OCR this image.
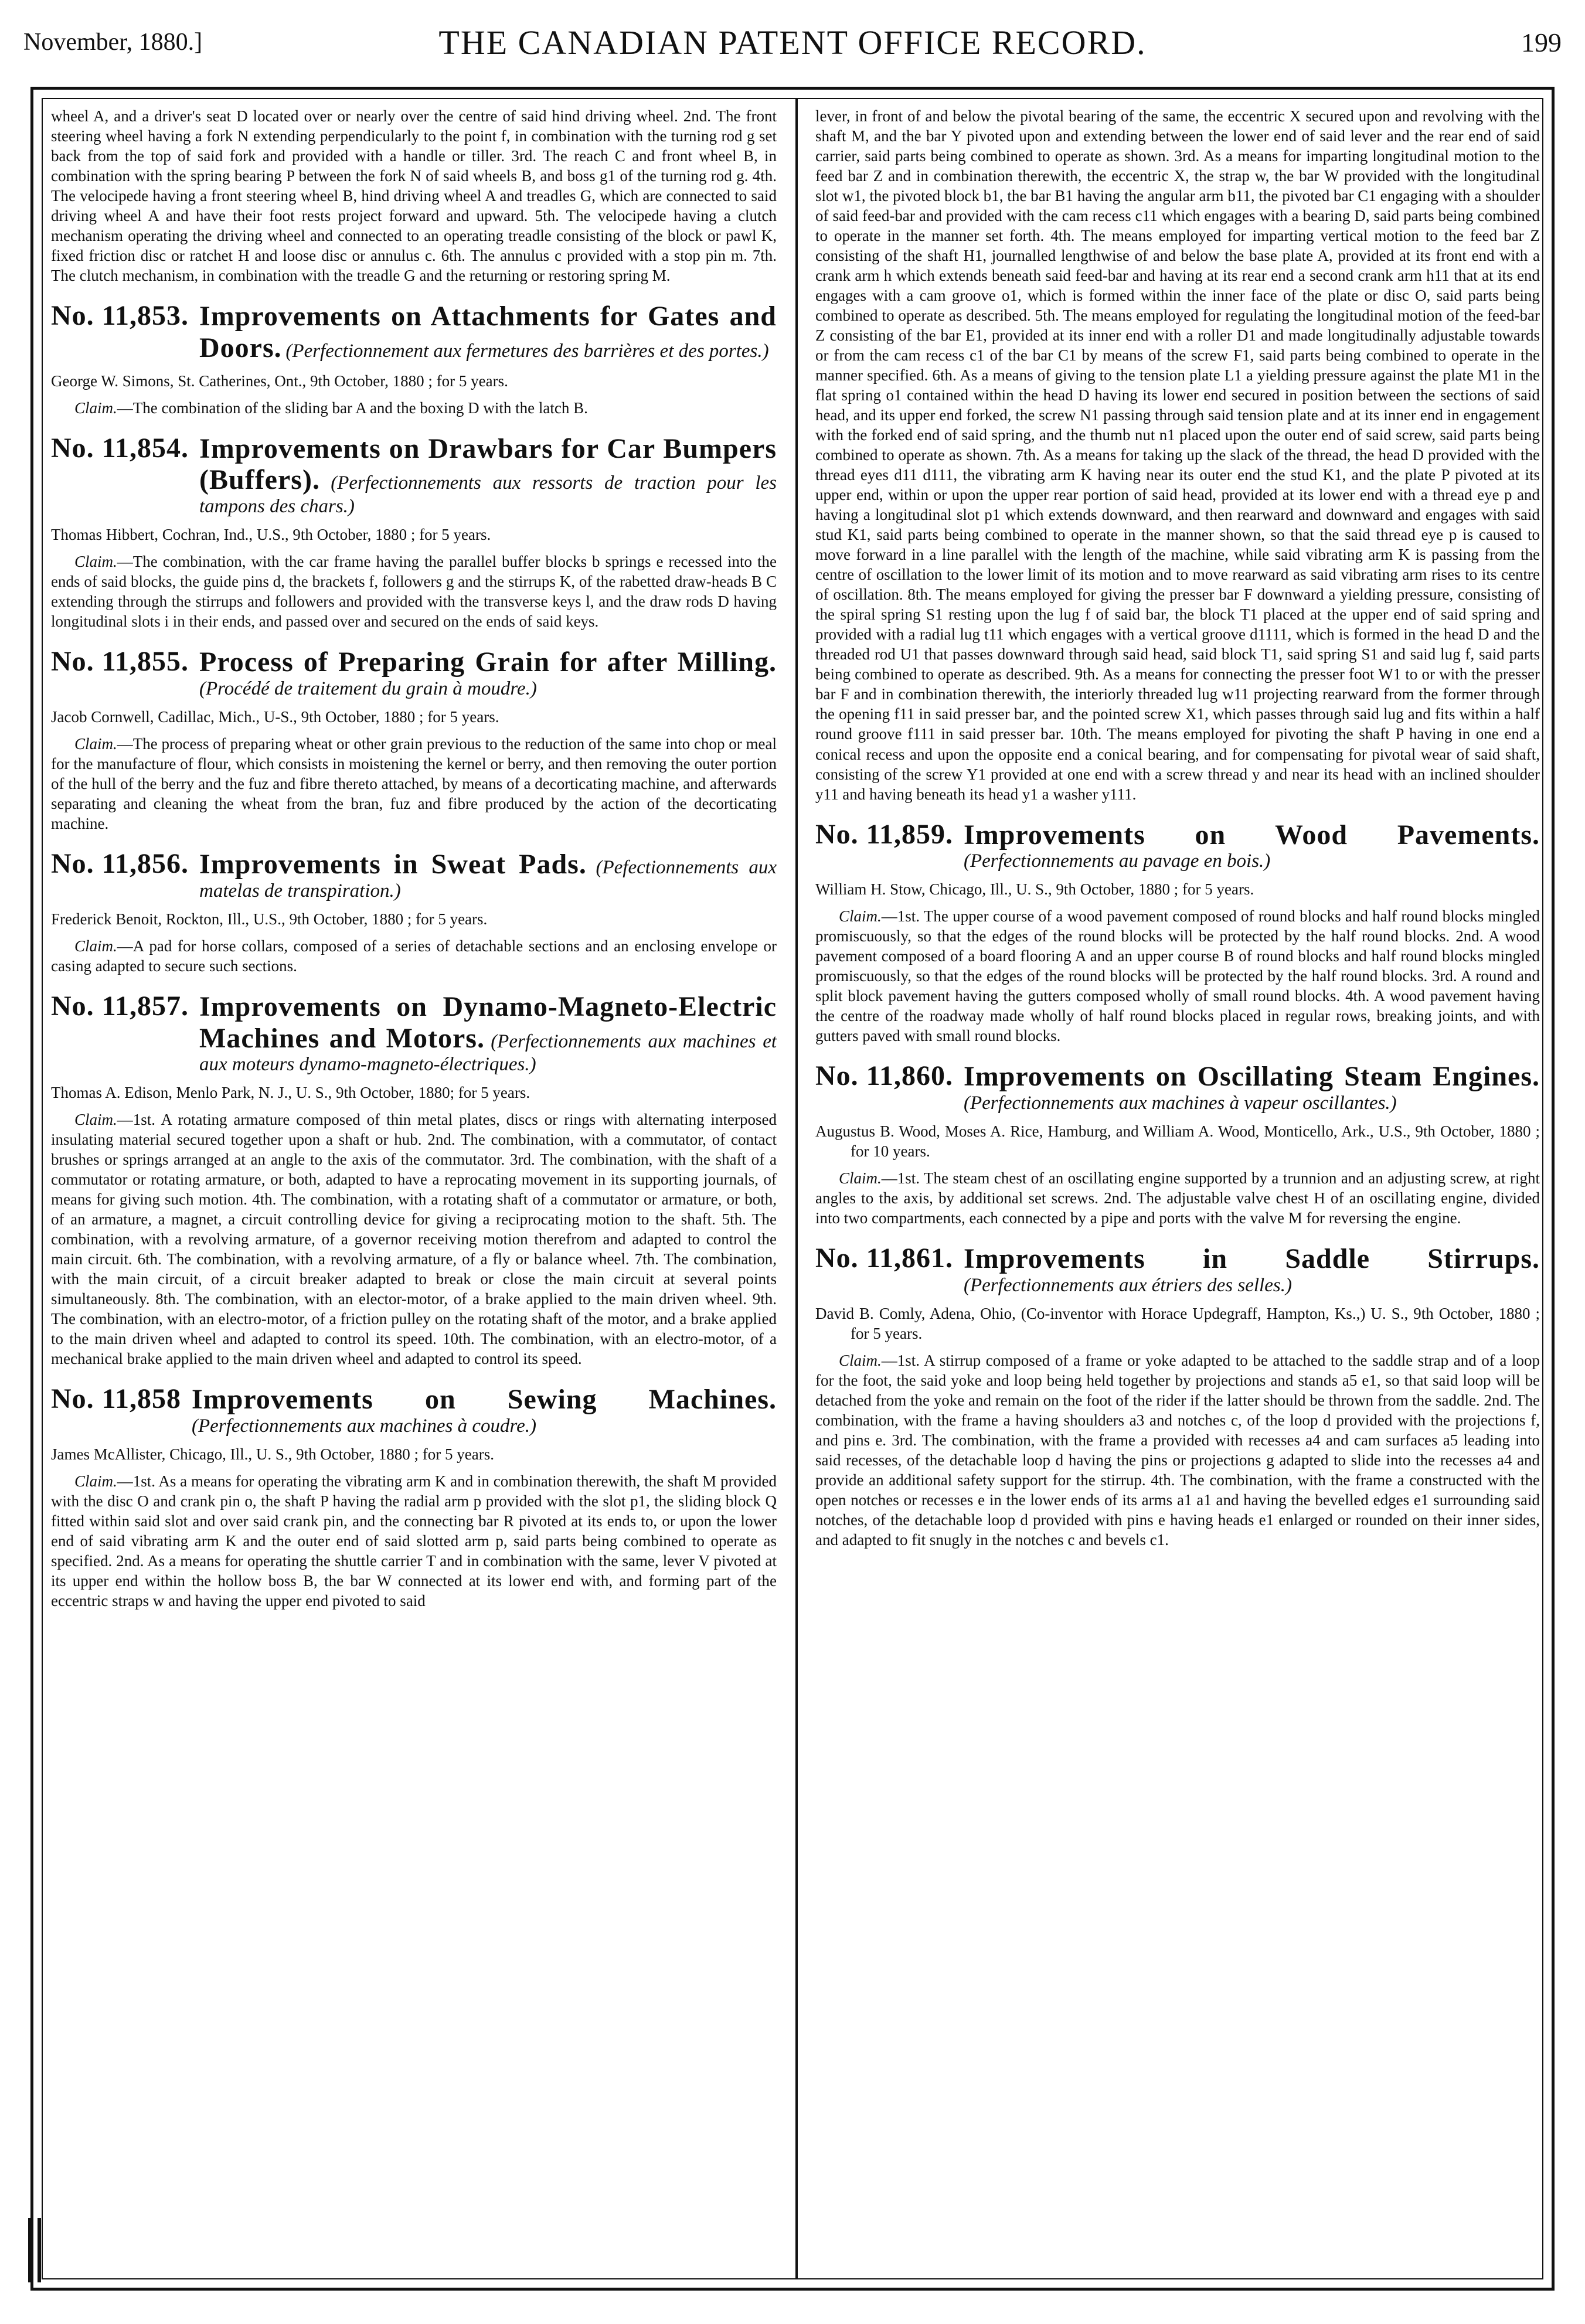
November, 1880.]	THE CANADIAN PATENT OFFICE RECORD.	199

wheel A, and a driver's seat D located over or nearly over the centre of said hind driving wheel. 2nd. The front steering wheel having a fork N extending perpendicularly to the point f, in combination with the turning rod g set back from the top of said fork and provided with a handle or tiller. 3rd. The reach C and front wheel B, in combination with the spring bearing P between the fork N of said wheels B, and boss g1 of the turning rod g. 4th. The velocipede having a front steering wheel B, hind driving wheel A and treadles G, which are connected to said driving wheel A and have their foot rests project forward and upward. 5th. The velocipede having a clutch mechanism operating the driving wheel and connected to an operating treadle consisting of the block or pawl K, fixed friction disc or ratchet H and loose disc or annulus c. 6th. The annulus c provided with a stop pin m. 7th. The clutch mechanism, in combination with the treadle G and the returning or restoring spring M.

No. 11,853. Improvements on Attachments for Gates and Doors. (Perfectionnement aux fermetures des barrières et des portes.)

George W. Simons, St. Catherines, Ont., 9th October, 1880 ; for 5 years.

Claim.—The combination of the sliding bar A and the boxing D with the latch B.

No. 11,854. Improvements on Drawbars for Car Bumpers (Buffers). (Perfectionnements aux ressorts de traction pour les tampons des chars.)

Thomas Hibbert, Cochran, Ind., U.S., 9th October, 1880 ; for 5 years.

Claim.—The combination, with the car frame having the parallel buffer blocks b springs e recessed into the ends of said blocks, the guide pins d, the brackets f, followers g and the stirrups K, of the rabetted draw-heads B C extending through the stirrups and followers and provided with the transverse keys l, and the draw rods D having longitudinal slots i in their ends, and passed over and secured on the ends of said keys.

No. 11,855. Process of Preparing Grain for after Milling. (Procédé de traitement du grain à moudre.)

Jacob Cornwell, Cadillac, Mich., U-S., 9th October, 1880 ; for 5 years.

Claim.—The process of preparing wheat or other grain previous to the reduction of the same into chop or meal for the manufacture of flour, which consists in moistening the kernel or berry, and then removing the outer portion of the hull of the berry and the fuz and fibre thereto attached, by means of a decorticating machine, and afterwards separating and cleaning the wheat from the bran, fuz and fibre produced by the action of the decorticating machine.

No. 11,856. Improvements in Sweat Pads. (Pefectionnements aux matelas de transpiration.)

Frederick Benoit, Rockton, Ill., U.S., 9th October, 1880 ; for 5 years.

Claim.—A pad for horse collars, composed of a series of detachable sections and an enclosing envelope or casing adapted to secure such sections.

No. 11,857. Improvements on Dynamo-Magneto-Electric Machines and Motors. (Perfectionnements aux machines et aux moteurs dynamo-magneto-électriques.)

Thomas A. Edison, Menlo Park, N. J., U. S., 9th October, 1880; for 5 years.

Claim.—1st. A rotating armature composed of thin metal plates, discs or rings with alternating interposed insulating material secured together upon a shaft or hub. 2nd. The combination, with a commutator, of contact brushes or springs arranged at an angle to the axis of the commutator. 3rd. The combination, with the shaft of a commutator or rotating armature, or both, adapted to have a reprocating movement in its supporting journals, of means for giving such motion. 4th. The combination, with a rotating shaft of a commutator or armature, or both, of an armature, a magnet, a circuit controlling device for giving a reciprocating motion to the shaft. 5th. The combination, with a revolving armature, of a governor receiving motion therefrom and adapted to control the main circuit. 6th. The combination, with a revolving armature, of a fly or balance wheel. 7th. The combination, with the main circuit, of a circuit breaker adapted to break or close the main circuit at several points simultaneously. 8th. The combination, with an elector-motor, of a brake applied to the main driven wheel. 9th. The combination, with an electro-motor, of a friction pulley on the rotating shaft of the motor, and a brake applied to the main driven wheel and adapted to control its speed. 10th. The combination, with an electro-motor, of a mechanical brake applied to the main driven wheel and adapted to control its speed.

No. 11,858 Improvements on Sewing Machines. (Perfectionnements aux machines à coudre.)

James McAllister, Chicago, Ill., U. S., 9th October, 1880 ; for 5 years.

Claim.—1st. As a means for operating the vibrating arm K and in combination therewith, the shaft M provided with the disc O and crank pin o, the shaft P having the radial arm p provided with the slot p1, the sliding block Q fitted within said slot and over said crank pin, and the connecting bar R pivoted at its ends to, or upon the lower end of said vibrating arm K and the outer end of said slotted arm p, said parts being combined to operate as specified. 2nd. As a means for operating the shuttle carrier T and in combination with the same, lever V pivoted at its upper end within the hollow boss B, the bar W connected at its lower end with, and forming part of the eccentric straps w and having the upper end pivoted to said

lever, in front of and below the pivotal bearing of the same, the eccentric X secured upon and revolving with the shaft M, and the bar Y pivoted upon and extending between the lower end of said lever and the rear end of said carrier, said parts being combined to operate as shown. 3rd. As a means for imparting longitudinal motion to the feed bar Z and in combination therewith, the eccentric X, the strap w, the bar W provided with the longitudinal slot w1, the pivoted block b1, the bar B1 having the angular arm b11, the pivoted bar C1 engaging with a shoulder of said feed-bar and provided with the cam recess c11 which engages with a bearing D, said parts being combined to operate in the manner set forth. 4th. The means employed for imparting vertical motion to the feed bar Z consisting of the shaft H1, journalled lengthwise of and below the base plate A, provided at its front end with a crank arm h which extends beneath said feed-bar and having at its rear end a second crank arm h11 that at its end engages with a cam groove o1, which is formed within the inner face of the plate or disc O, said parts being combined to operate as described. 5th. The means employed for regulating the longitudinal motion of the feed-bar Z consisting of the bar E1, provided at its inner end with a roller D1 and made longitudinally adjustable towards or from the cam recess c1 of the bar C1 by means of the screw F1, said parts being combined to operate in the manner specified. 6th. As a means of giving to the tension plate L1 a yielding pressure against the plate M1 in the flat spring o1 contained within the head D having its lower end secured in position between the sections of said head, and its upper end forked, the screw N1 passing through said tension plate and at its inner end in engagement with the forked end of said spring, and the thumb nut n1 placed upon the outer end of said screw, said parts being combined to operate as shown. 7th. As a means for taking up the slack of the thread, the head D provided with the thread eyes d11 d111, the vibrating arm K having near its outer end the stud K1, and the plate P pivoted at its upper end, within or upon the upper rear portion of said head, provided at its lower end with a thread eye p and having a longitudinal slot p1 which extends downward, and then rearward and downward and engages with said stud K1, said parts being combined to operate in the manner shown, so that the said thread eye p is caused to move forward in a line parallel with the length of the machine, while said vibrating arm K is passing from the centre of oscillation to the lower limit of its motion and to move rearward as said vibrating arm rises to its centre of oscillation. 8th. The means employed for giving the presser bar F downward a yielding pressure, consisting of the spiral spring S1 resting upon the lug f of said bar, the block T1 placed at the upper end of said spring and provided with a radial lug t11 which engages with a vertical groove d1111, which is formed in the head D and the threaded rod U1 that passes downward through said head, said block T1, said spring S1 and said lug f, said parts being combined to operate as described. 9th. As a means for connecting the presser foot W1 to or with the presser bar F and in combination therewith, the interiorly threaded lug w11 projecting rearward from the former through the opening f11 in said presser bar, and the pointed screw X1, which passes through said lug and fits within a half round groove f111 in said presser bar. 10th. The means employed for pivoting the shaft P having in one end a conical recess and upon the opposite end a conical bearing, and for compensating for pivotal wear of said shaft, consisting of the screw Y1 provided at one end with a screw thread y and near its head with an inclined shoulder y11 and having beneath its head y1 a washer y111.

No. 11,859. Improvements on Wood Pavements. (Perfectionnements au pavage en bois.)

William H. Stow, Chicago, Ill., U. S., 9th October, 1880 ; for 5 years.

Claim.—1st. The upper course of a wood pavement composed of round blocks and half round blocks mingled promiscuously, so that the edges of the round blocks will be protected by the half round blocks. 2nd. A wood pavement composed of a board flooring A and an upper course B of round blocks and half round blocks mingled promiscuously, so that the edges of the round blocks will be protected by the half round blocks. 3rd. A round and split block pavement having the gutters composed wholly of small round blocks. 4th. A wood pavement having the centre of the roadway made wholly of half round blocks placed in regular rows, breaking joints, and with gutters paved with small round blocks.

No. 11,860. Improvements on Oscillating Steam Engines. (Perfectionnements aux machines à vapeur oscillantes.)

Augustus B. Wood, Moses A. Rice, Hamburg, and William A. Wood, Monticello, Ark., U.S., 9th October, 1880 ; for 10 years.

Claim.—1st. The steam chest of an oscillating engine supported by a trunnion and an adjusting screw, at right angles to the axis, by additional set screws. 2nd. The adjustable valve chest H of an oscillating engine, divided into two compartments, each connected by a pipe and ports with the valve M for reversing the engine.

No. 11,861. Improvements in Saddle Stirrups. (Perfectionnements aux étriers des selles.)

David B. Comly, Adena, Ohio, (Co-inventor with Horace Updegraff, Hampton, Ks.,) U. S., 9th October, 1880 ; for 5 years.

Claim.—1st. A stirrup composed of a frame or yoke adapted to be attached to the saddle strap and of a loop for the foot, the said yoke and loop being held together by projections and stands a5 e1, so that said loop will be detached from the yoke and remain on the foot of the rider if the latter should be thrown from the saddle. 2nd. The combination, with the frame a having shoulders a3 and notches c, of the loop d provided with the projections f, and pins e. 3rd. The combination, with the frame a provided with recesses a4 and cam surfaces a5 leading into said recesses, of the detachable loop d having the pins or projections g adapted to slide into the recesses a4 and provide an additional safety support for the stirrup. 4th. The combination, with the frame a constructed with the open notches or recesses e in the lower ends of its arms a1 a1 and having the bevelled edges e1 surrounding said notches, of the detachable loop d provided with pins e having heads e1 enlarged or rounded on their inner sides, and adapted to fit snugly in the notches c and bevels c1.
